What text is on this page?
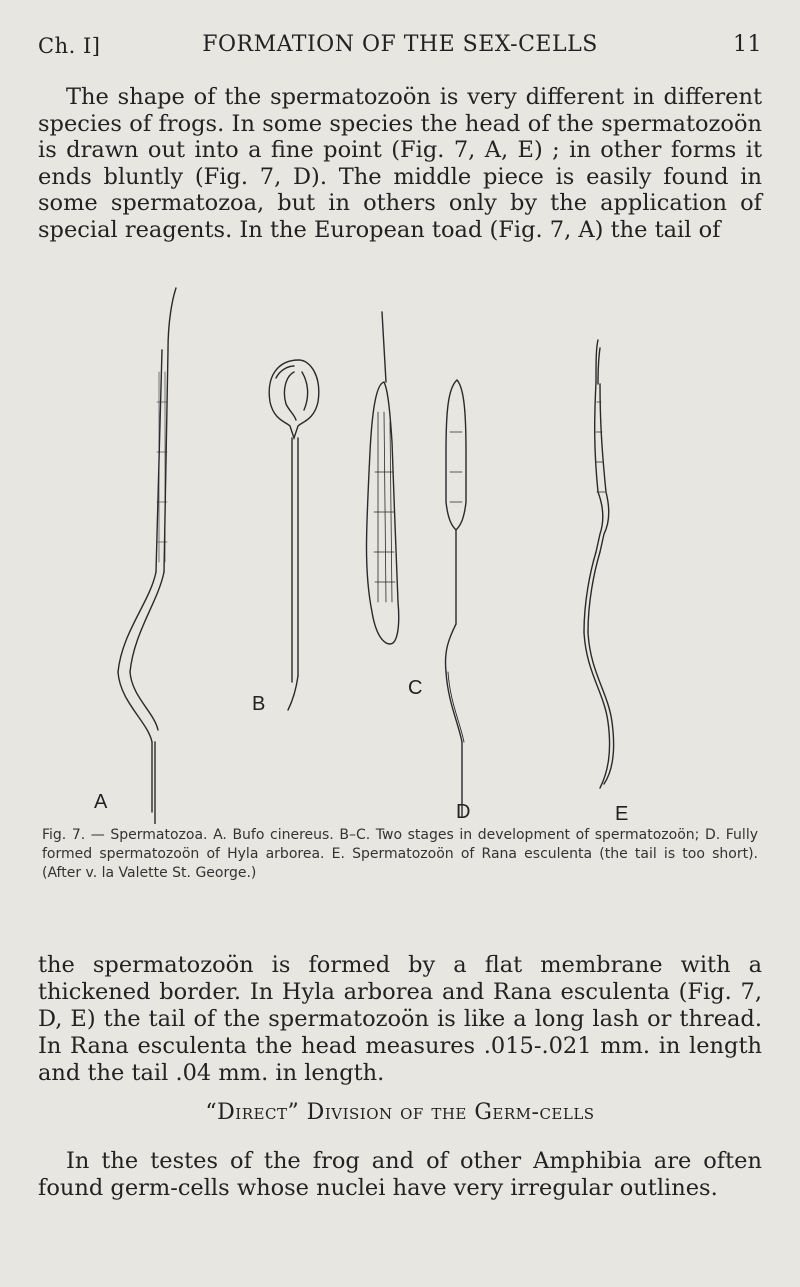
Ch. I]	FORMATION OF THE SEX-CELLS	11

The shape of the spermatozoön is very different in different species of frogs. In some species the head of the spermatozoön is drawn out into a fine point (Fig. 7, A, E) ; in other forms it ends bluntly (Fig. 7, D). The middle piece is easily found in some spermatozoa, but in others only by the application of special reagents. In the European toad (Fig. 7, A) the tail of

A
B
C
D	E
Fig. 7. — Spermatozoa. A. Bufo cinereus. B–C. Two stages in development of spermatozoön; D. Fully formed spermatozoön of Hyla arborea. E. Spermatozoön of Rana esculenta (the tail is too short). (After v. la Valette St. George.)

the spermatozoön is formed by a flat membrane with a thickened border. In Hyla arborea and Rana esculenta (Fig. 7, D, E) the tail of the spermatozoön is like a long lash or thread. In Rana esculenta the head measures .015-.021 mm. in length and the tail .04 mm. in length.

“Direct” Division of the Germ-cells

In the testes of the frog and of other Amphibia are often found germ-cells whose nuclei have very irregular outlines.
